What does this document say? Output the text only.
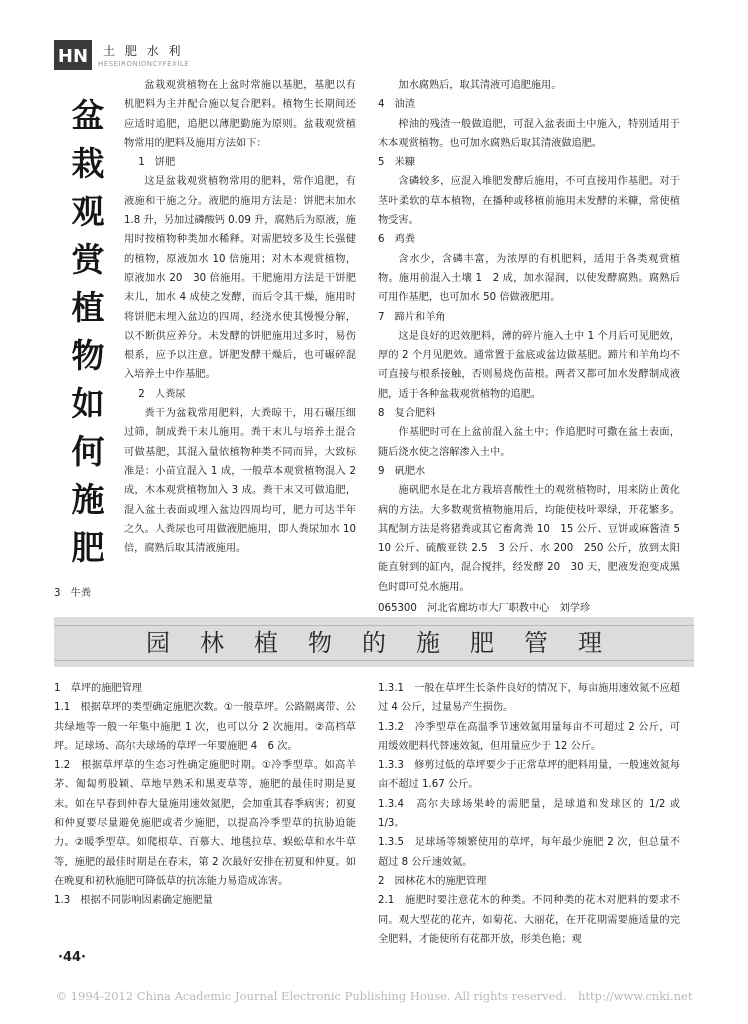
HN 土 肥 水 利
HESEIRONIONCYFEXILE
盆
栽
观
赏
植
物
如
何
施
肥

盆栽观赏植物在上盆时常施以基肥，基肥以有机肥料为主并配合施以复合肥料。植物生长期间还应适时追肥，追肥以薄肥勤施为原则。盆栽观赏植物常用的肥料及施用方法如下：

1　饼肥

这是盆栽观赏植物常用的肥料，常作追肥，有液施和干施之分。液肥的施用方法是：饼肥末加水 1.8 升，另加过磷酸钙 0.09 升，腐熟后为原液，施用时按植物种类加水稀释。对需肥较多及生长强健的植物，原液加水 10 倍施用；对木本观赏植物，原液加水 20　30 倍施用。干肥施用方法是干饼肥末儿，加水 4 成使之发酵，而后令其干燥，施用时将饼肥末埋入盆边的四周，经浇水使其慢慢分解，以不断供应养分。未发酵的饼肥施用过多时，易伤根系，应予以注意。饼肥发酵干燥后，也可碾碎混入培养土中作基肥。

2　人粪尿

粪干为盆栽常用肥料，大粪晾干，用石碾压细过筛，制成粪干末儿施用。粪干末儿与培养土混合可做基肥，其混入量依植物种类不同而异，大致标准是：小苗宜混入 1 成，一般草本观赏植物混入 2 成，木本观赏植物加入 3 成。粪干末又可做追肥，混入盆土表面或埋入盆边四周均可，肥力可达半年之久。人粪尿也可用做液肥施用，即人粪尿加水 10 倍，腐熟后取其清液施用。

3　牛粪

加水腐熟后，取其清液可追肥施用。

4　油渣

榨油的残渣一般做追肥，可混入盆表面土中施入，特别适用于木本观赏植物。也可加水腐熟后取其清液做追肥。

5　米糠

含磷较多，应混入堆肥发酵后施用，不可直接用作基肥。对于茎叶柔软的草本植物，在播种或移植前施用未发酵的米糠，常使植物受害。

6　鸡粪

含水少，含磷丰富，为浓厚的有机肥料，适用于各类观赏植物。施用前混入土壤 1　2 成，加水湿润，以使发酵腐熟。腐熟后可用作基肥，也可加水 50 倍做液肥用。

7　蹄片和羊角

这是良好的迟效肥料，薄的碎片施入土中 1 个月后可见肥效，厚的 2 个月见肥效。通常置于盆底或盆边做基肥。蹄片和羊角均不可直接与根系接触，否则易烧伤苗根。两者又都可加水发酵制成液肥，适于各种盆栽观赏植物的追肥。

8　复合肥料

作基肥时可在上盆前混入盆土中；作追肥时可撒在盆土表面，随后浇水使之溶解渗入土中。

9　矾肥水

施矾肥水是在北方栽培喜酸性土的观赏植物时，用来防止黄化病的方法。大多数观赏植物施用后，均能使枝叶翠绿，开花繁多。其配制方法是将猪粪或其它畜禽粪 10　15 公斤、豆饼或麻酱渣 5　10 公斤、硫酸亚铁 2.5　3 公斤、水 200　250 公斤，放到太阳能直射到的缸内，混合搅拌，经发酵 20　30 天，肥液发泡变成黑色时即可兑水施用。

065300　河北省廊坊市大厂职教中心　刘学珍

园林植物的施肥管理

1　草坪的施肥管理

1.1　根据草坪的类型确定施肥次数。①一般草坪。公路隔离带、公共绿地等一般一年集中施肥 1 次，也可以分 2 次施用。②高档草坪。足球场、高尔夫球场的草坪一年要施肥 4　6 次。

1.2　根据草坪草的生态习性确定施肥时期。①冷季型草。如高羊茅、匍匐剪股颖、草地早熟禾和黑麦草等，施肥的最佳时期是夏末。如在早春到仲春大量施用速效氮肥，会加重其春季病害；初夏和仲夏要尽量避免施肥或者少施肥，以提高冷季型草的抗胁迫能力。②暖季型草。如爬根草、百慕大、地毯拉草、蜈蚣草和水牛草等，施肥的最佳时期是在春末，第 2 次最好安排在初夏和仲夏。如在晚夏和初秋施肥可降低草的抗冻能力易造成冻害。

1.3　根据不同影响因素确定施肥量

1.3.1　一般在草坪生长条件良好的情况下，每亩施用速效氮不应超过 4 公斤，过量易产生损伤。

1.3.2　冷季型草在高温季节速效氮用量每亩不可超过 2 公斤，可用缓效肥料代替速效氮，但用量应少于 12 公斤。

1.3.3　修剪过低的草坪要少于正常草坪的肥料用量，一般速效氮每亩不超过 1.67 公斤。

1.3.4　高尔夫球场果岭的需肥量，是球道和发球区的 1/2 或 1/3。

1.3.5　足球场等频繁使用的草坪，每年最少施肥 2 次，但总量不超过 8 公斤速效氮。

2　园林花木的施肥管理

2.1　施肥时要注意花木的种类。不同种类的花木对肥料的要求不同。观大型花的花卉，如菊花、大丽花，在开花期需要施适量的完全肥料，才能使所有花都开放，形美色艳；观

·44·
© 1994-2012 China Academic Journal Electronic Publishing House. All rights reserved.　http://www.cnki.net
